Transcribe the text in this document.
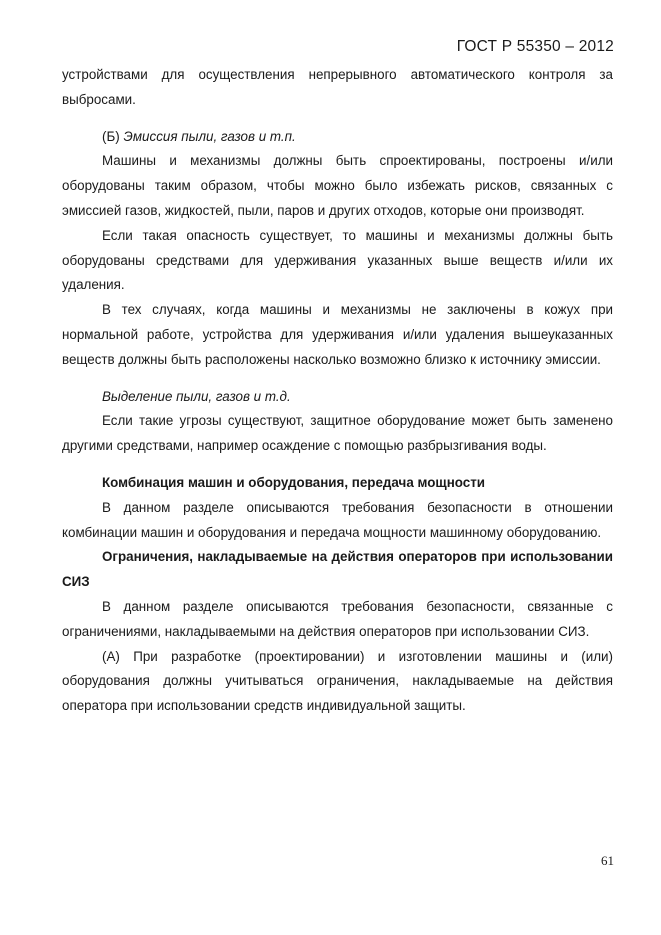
ГОСТ Р 55350 – 2012

устройствами для осуществления непрерывного автоматического контроля за выбросами.

(Б) Эмиссия пыли, газов и т.п.

Машины и механизмы должны быть спроектированы, построены и/или оборудованы таким образом, чтобы можно было избежать рисков, связанных с эмиссией газов, жидкостей, пыли, паров и других отходов, которые они производят.

Если такая опасность существует, то машины и механизмы должны быть оборудованы средствами для удерживания указанных выше веществ и/или их удаления.

В тех случаях, когда машины и механизмы не заключены в кожух при нормальной работе, устройства для удерживания и/или удаления вышеуказанных веществ должны быть расположены насколько возможно близко к источнику эмиссии.

Выделение пыли, газов и т.д.

Если такие угрозы существуют, защитное оборудование может быть заменено другими средствами, например осаждение с помощью разбрызгивания воды.

Комбинация машин и оборудования, передача мощности

В данном разделе описываются требования безопасности в отношении комбинации машин и оборудования и передача мощности машинному оборудованию.

Ограничения, накладываемые на действия операторов при использовании СИЗ

В данном разделе описываются требования безопасности, связанные с ограничениями, накладываемыми на действия операторов при использовании СИЗ.

(А) При разработке (проектировании) и изготовлении машины и (или) оборудования должны учитываться ограничения, накладываемые на действия оператора при использовании средств индивидуальной защиты.

61
